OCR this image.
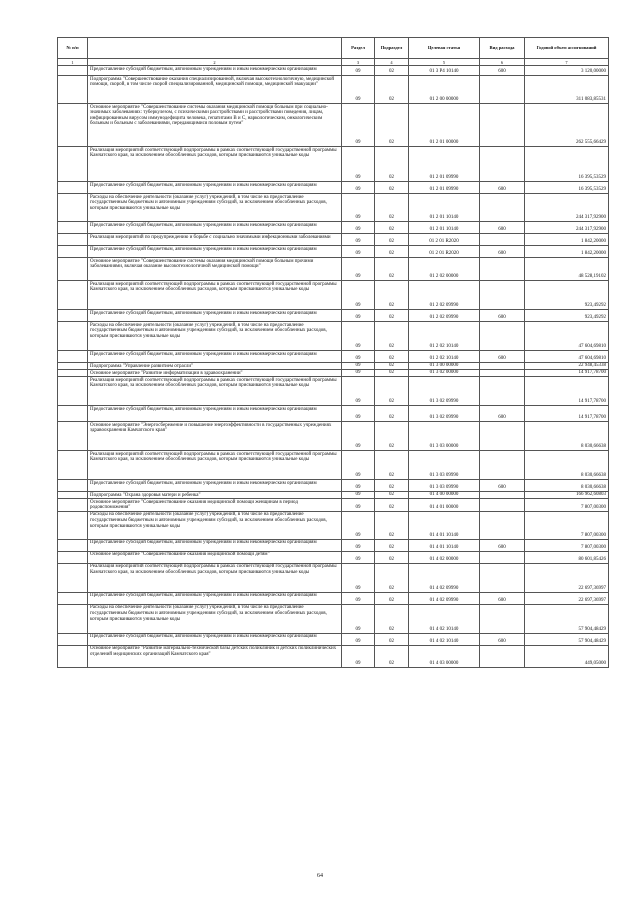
№ п/п		Раздел	Подраздел	Целевая статья	Вид расхода	Годовой объем ассигнований
1	2	3	4	5	6	7

	Предоставление субсидий бюджетным, автономным учреждениям и иным некоммерческим организациям	09	02	01 3 Р4 10140	600	3 120,00000

	Подпрограмма "Совершенствование оказания специализированной, включая высокотехнологичную, медицинской помощи, скорой, в том числе скорой специализированной, медицинской помощи, медицинской эвакуации"	09	02	01 2 00 00000		311 083,85531

	Основное мероприятие "Совершенствование системы оказания медицинской помощи больным при социально-значимых заболеваниях: туберкулезом, с психическими расстройствами и расстройствами поведения, лицам, инфицированным вирусом иммунодефицита человека, гепатитами В и С, наркологическим, онкологическим больным и больным с заболеваниями, передающимися половым путем"	09	02	01 2 01 00000		262 555,66429

	Реализация мероприятий соответствующей подпрограммы в рамках соответствующей государственной программы Камчатского края, за исключением обособленных расходов, которым присваиваются уникальные коды	09	02	01 2 01 09990		16 395,53529

	Предоставление субсидий бюджетным, автономным учреждениям и иным некоммерческим организациям	09	02	01 2 01 09990	600	16 395,53529

	Расходы на обеспечение деятельности (оказание услуг) учреждений, в том числе на предоставление государственным бюджетным и автономным учреждениям субсидий, за исключением обособленных расходов, которым присваиваются уникальные коды	09	02	01 2 01 10140		244 317,92900

	Предоставление субсидий бюджетным, автономным учреждениям и иным некоммерческим организациям	09	02	01 2 01 10140	600	244 317,92900

	Реализация мероприятий по предупреждению и борьбе с социально значимыми инфекционными заболеваниями	09	02	01 2 01 R2020		1 842,20000

	Предоставление субсидий бюджетным, автономным учреждениям и иным некоммерческим организациям	09	02	01 2 01 R2020	600	1 842,20000

	Основное мероприятие "Совершенствование системы оказания медицинской помощи больным прочими заболеваниями, включая оказание высокотехнологичной медицинской помощи"	09	02	01 2 02 00000		48 528,19102

	Реализация мероприятий соответствующей подпрограммы в рамках соответствующей государственной программы Камчатского края, за исключением обособленных расходов, которым присваиваются уникальные коды	09	02	01 2 02 09990		923,49292

	Предоставление субсидий бюджетным, автономным учреждениям и иным некоммерческим организациям	09	02	01 2 02 09990	600	923,49292

	Расходы на обеспечение деятельности (оказание услуг) учреждений, в том числе на предоставление государственным бюджетным и автономным учреждениям субсидий, за исключением обособленных расходов, которым присваиваются уникальные коды	09	02	01 2 02 10140		47 604,69810

	Предоставление субсидий бюджетным, автономным учреждениям и иным некоммерческим организациям	09	02	01 2 02 10140	600	47 604,69810

	Подпрограмма "Управление развитием отрасли"	09	02	01 3 00 00000		22 948,45338

	Основное мероприятие "Развитие информатизации в здравоохранении"	09	02	01 3 02 00000		14 917,78700

	Реализация мероприятий соответствующей подпрограммы в рамках соответствующей государственной программы Камчатского края, за исключением обособленных расходов, которым присваиваются уникальные коды	09	02	01 3 02 09990		14 917,78700

	Предоставление субсидий бюджетным, автономным учреждениям и иным некоммерческим организациям	09	02	01 3 02 09990	600	14 917,78700

	Основное мероприятие "Энергосбережение и повышение энергоэффективности в государственных учреждениях здравоохранения Камчатского края"	09	02	01 3 03 00000		8 030,66638

	Реализация мероприятий соответствующей подпрограммы в рамках соответствующей государственной программы Камчатского края, за исключением обособленных расходов, которым присваиваются уникальные коды	09	02	01 3 03 09990		8 030,66638

	Предоставление субсидий бюджетным, автономным учреждениям и иным некоммерческим организациям	09	02	01 3 03 09990	600	8 030,66638

	Подпрограмма "Охрана здоровья матери и ребенка"	09	02	01 4 00 00000		166 962,60803

	Основное мероприятие "Совершенствование оказания медицинской помощи женщинам в период родовспоможения"	09	02	01 4 01 00000		7 807,00300

	Расходы на обеспечение деятельности (оказание услуг) учреждений, в том числе на предоставление государственным бюджетным и автономным учреждениям субсидий, за исключением обособленных расходов, которым присваиваются уникальные коды	09	02	01 4 01 10140		7 807,00300

	Предоставление субсидий бюджетным, автономным учреждениям и иным некоммерческим организациям	09	02	01 4 01 10140	600	7 807,00300

	Основное мероприятие "Совершенствование оказания медицинской помощи детям"	09	02	01 4 02 00000		80 601,85426

	Реализация мероприятий соответствующей подпрограммы в рамках соответствующей государственной программы Камчатского края, за исключением обособленных расходов, которым присваиваются уникальные коды	09	02	01 4 02 09990		22 697,36997

	Предоставление субсидий бюджетным, автономным учреждениям и иным некоммерческим организациям	09	02	01 4 02 09990	600	22 697,36997

	Расходы на обеспечение деятельности (оказание услуг) учреждений, в том числе на предоставление государственным бюджетным и автономным учреждениям субсидий, за исключением обособленных расходов, которым присваиваются уникальные коды	09	02	01 4 02 10140		57 904,48429

	Предоставление субсидий бюджетным, автономным учреждениям и иным некоммерческим организациям	09	02	01 4 02 10140	600	57 904,48429

	Основное мероприятие "Развитие материально-технической базы детских поликлиник и детских поликлинических отделений медицинских организаций Камчатского края"	09	02	01 4 03 00000		449,05000
64
